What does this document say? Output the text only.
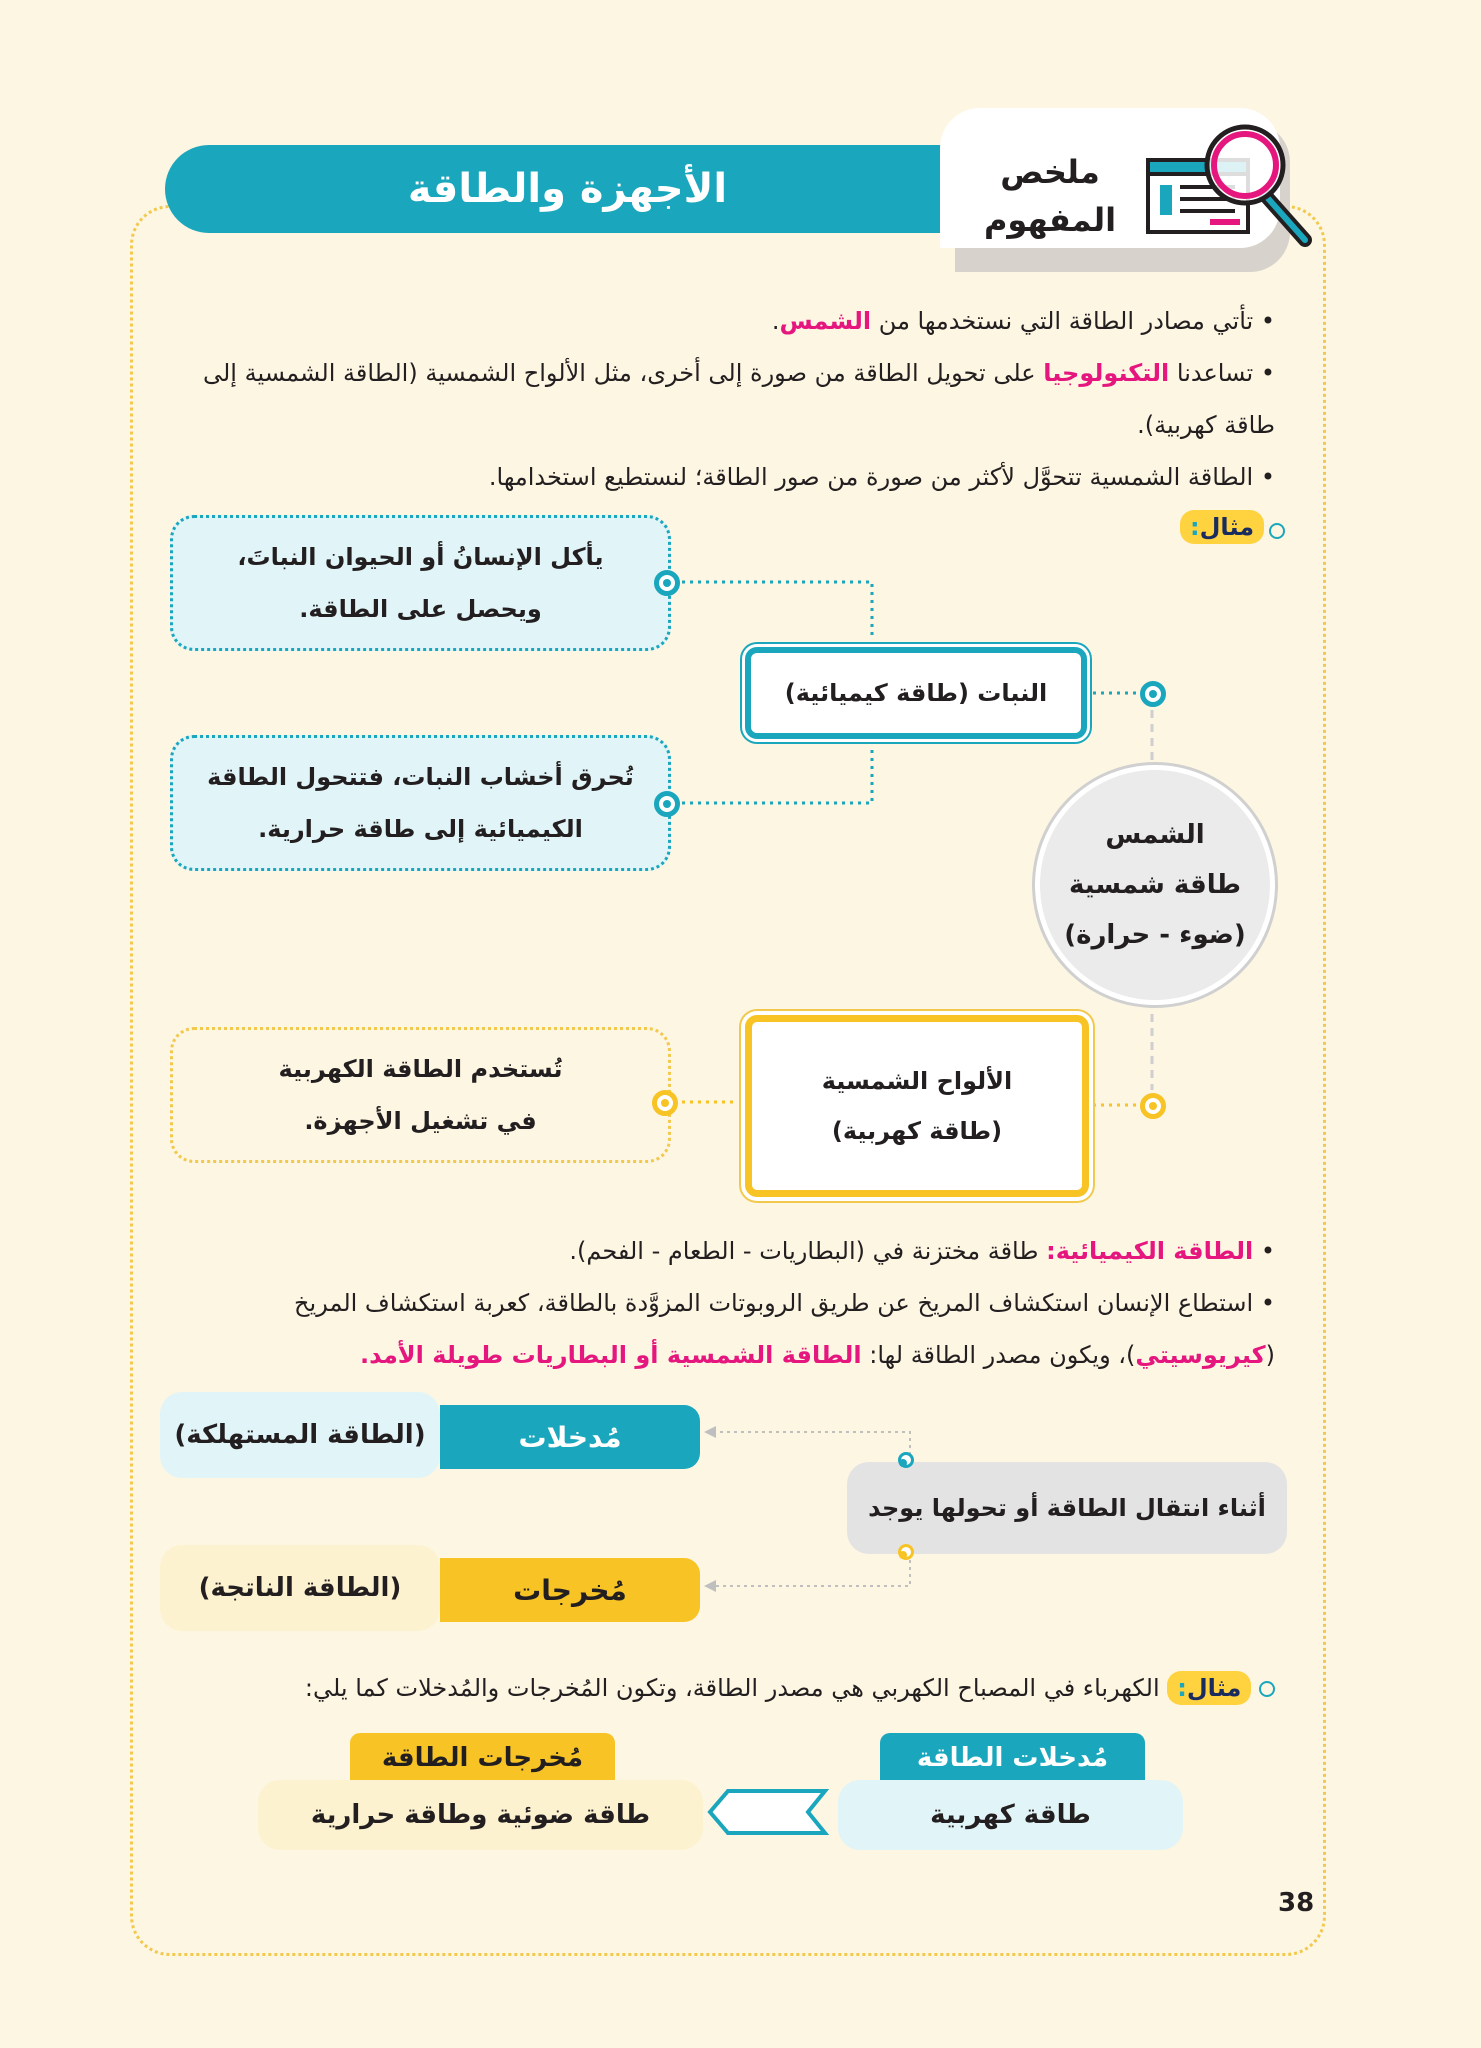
الأجهزة والطاقة	ملخص
المفهوم

• تأتي مصادر الطاقة التي نستخدمها من الشمس.

• تساعدنا التكنولوجيا على تحويل الطاقة من صورة إلى أخرى، مثل الألواح الشمسية (الطاقة الشمسية إلى طاقة كهربية).

• الطاقة الشمسية تتحوَّل لأكثر من صورة من صور الطاقة؛ لنستطيع استخدامها.

مثال:
يأكل الإنسانُ أو الحيوان النباتَ،
ويحصل على الطاقة.
النبات (طاقة كيميائية)
تُحرق أخشاب النبات، فتتحول الطاقة
الكيميائية إلى طاقة حرارية.	الشمس
طاقة شمسية
(ضوء - حرارة)
الألواح الشمسية
(طاقة كهربية)
تُستخدم الطاقة الكهربية
في تشغيل الأجهزة.

• الطاقة الكيميائية: طاقة مختزنة في (البطاريات - الطعام - الفحم).

• استطاع الإنسان استكشاف المريخ عن طريق الروبوتات المزوَّدة بالطاقة، كعربة استكشاف المريخ (كيريوسيتي)، ويكون مصدر الطاقة لها: الطاقة الشمسية أو البطاريات طويلة الأمد.

(الطاقة المستهلكة)	مُدخلات
أثناء انتقال الطاقة أو تحولها يوجد
(الطاقة الناتجة)	مُخرجات
مثال: الكهرباء في المصباح الكهربي هي مصدر الطاقة، وتكون المُخرجات والمُدخلات كما يلي:
مُدخلات الطاقة
طاقة كهربية
مُخرجات الطاقة
طاقة ضوئية وطاقة حرارية
38
